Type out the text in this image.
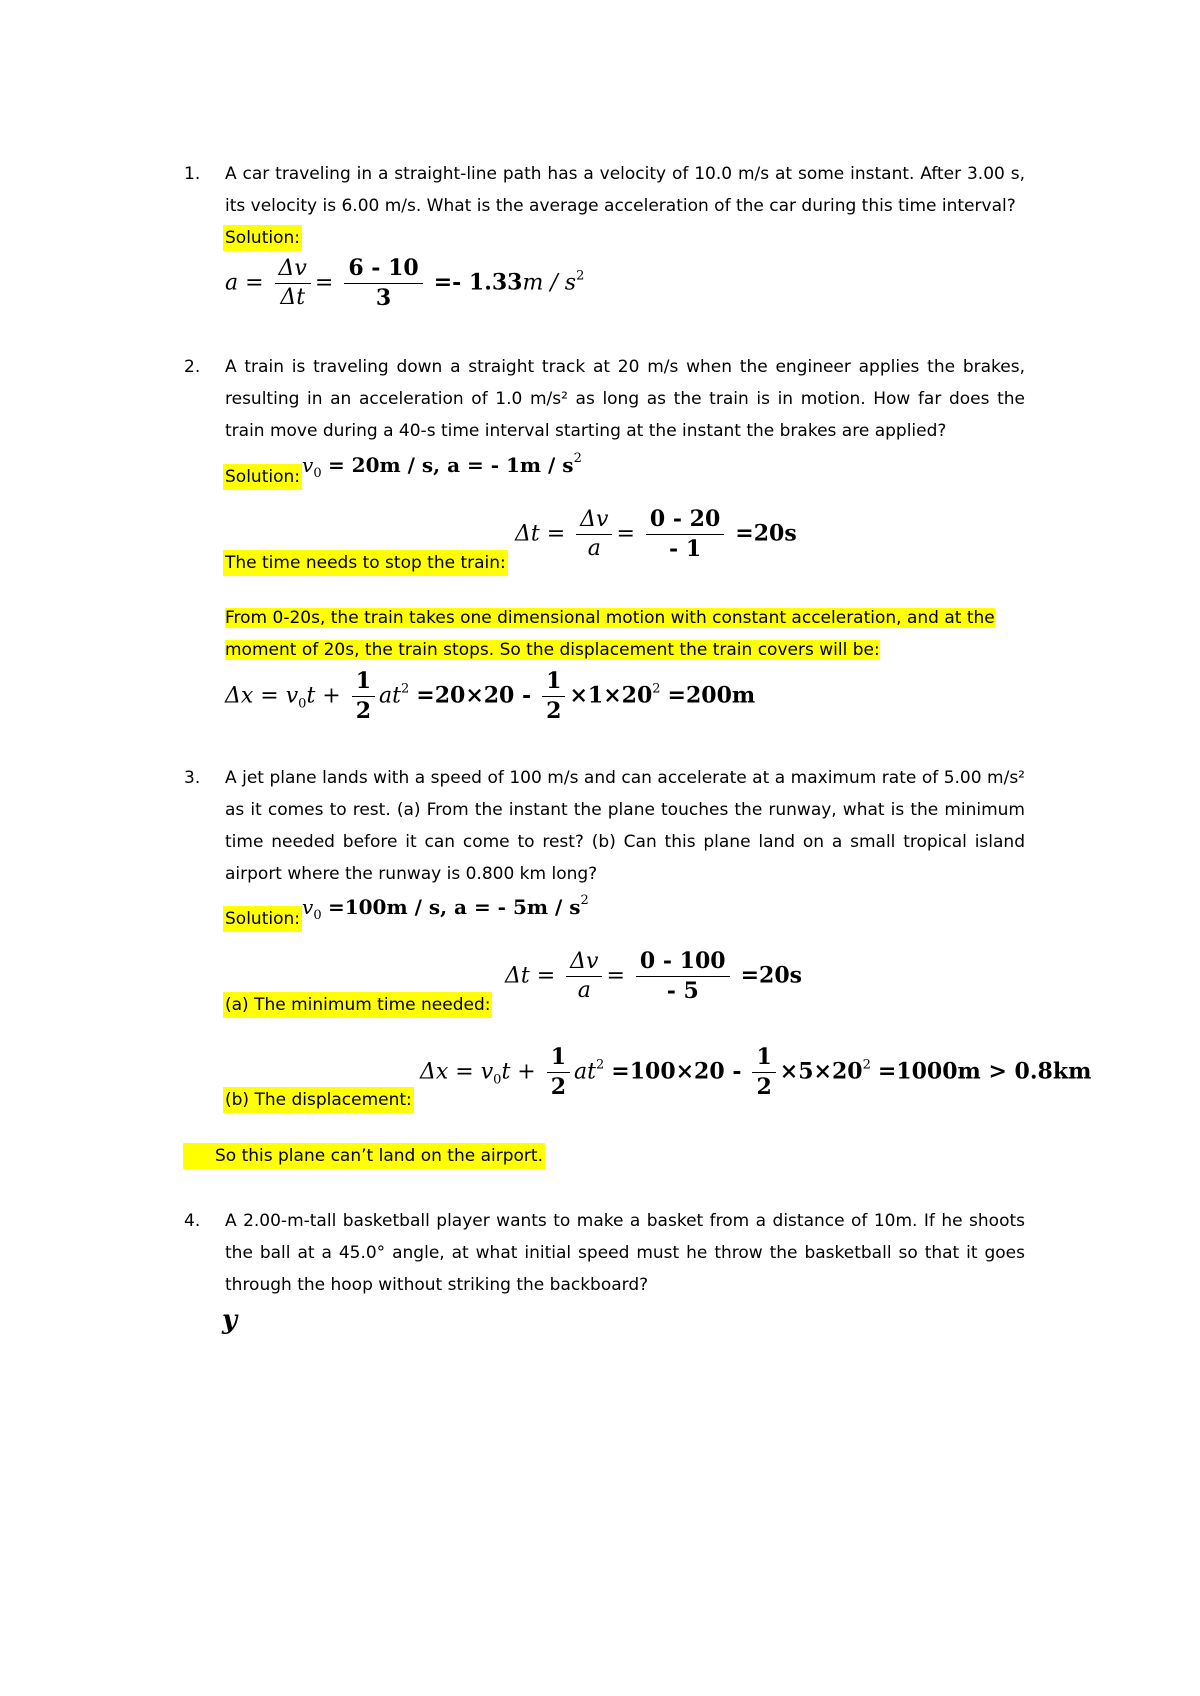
1.	A car traveling in a straight-line path has a velocity of 10.0 m/s at some instant. After 3.00 s, its velocity is 6.00 m/s. What is the average acceleration of the car during this time interval?

Solution:
$a = \frac{\Delta v}{\Delta t} = \frac{6 - 10}{3} =- 1.33m / s^2$
2.	A train is traveling down a straight track at 20 m/s when the engineer applies the brakes, resulting in an acceleration of 1.0 m/s² as long as the train is in motion. How far does the train move during a 40-s time interval starting at the instant the brakes are applied?

Solution: $v_0 = 20m / s$, a = - $1m / s^2$
The time needs to stop the train:
$\Delta t = \frac{\Delta v}{a} = \frac{0 - 20}{- 1} =20s$

From 0-20s, the train takes one dimensional motion with constant acceleration, and at the moment of 20s, the train stops. So the displacement the train covers will be:

$\Delta x = v_0t + \frac{1}{2} at^2 =20\times 20 - \frac{1}{2} \times 1\times 20^2 =200m$
3.	A jet plane lands with a speed of 100 m/s and can accelerate at a maximum rate of 5.00 m/s² as it comes to rest. (a) From the instant the plane touches the runway, what is the minimum time needed before it can come to rest? (b) Can this plane land on a small tropical island airport where the runway is 0.800 km long?

Solution: $v_0 =100m / s$, a = - $5m / s^2$
(a) The minimum time needed:
$\Delta t = \frac{\Delta v}{a} = \frac{0 - 100}{- 5} =20s$
(b) The displacement:
$\Delta x = v_0t + \frac{1}{2} at^2 =100\times 20 - \frac{1}{2} \times 5\times 20^2 =1000m > 0.8km$
So this plane can’t land on the airport.
4.	A 2.00-m-tall basketball player wants to make a basket from a distance of 10m. If he shoots the ball at a 45.0° angle, at what initial speed must he throw the basketball so that it goes through the hoop without striking the backboard?

y
